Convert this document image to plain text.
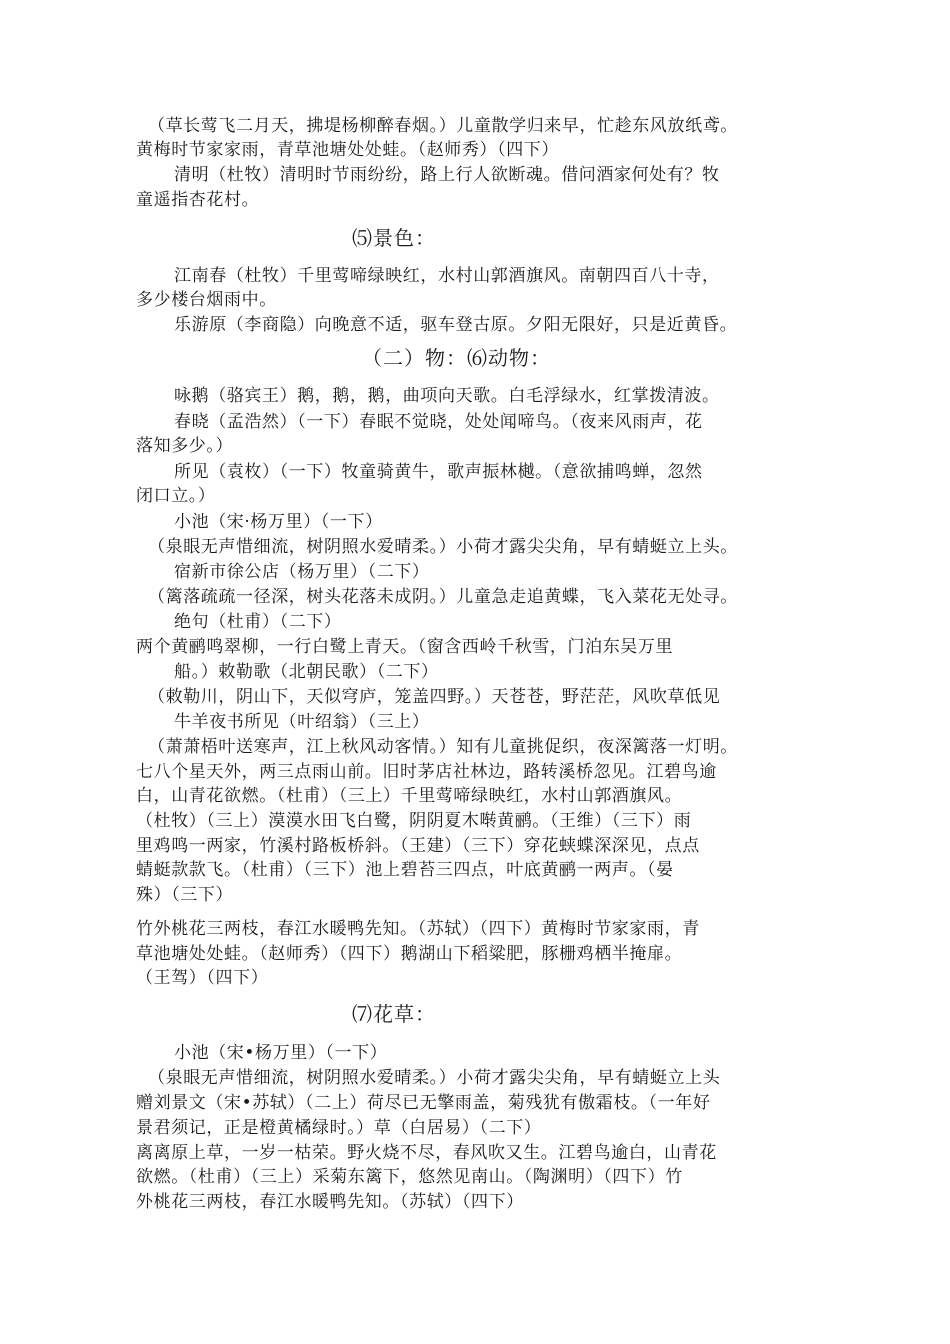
（草长莺飞二月天，拂堤杨柳醉春烟。）儿童散学归来早，忙趁东风放纸鸢。
黄梅时节家家雨，青草池塘处处蛙。（赵师秀）（四下）
清明（杜牧）清明时节雨纷纷，路上行人欲断魂。借问酒家何处有？牧
童遥指杏花村。
⑸景色：
江南春（杜牧）千里莺啼绿映红，水村山郭酒旗风。南朝四百八十寺，
多少楼台烟雨中。
乐游原（李商隐）向晚意不适，驱车登古原。夕阳无限好，只是近黄昏。
（二）物：⑹动物：
咏鹅（骆宾王）鹅，鹅，鹅，曲项向天歌。白毛浮绿水，红掌拨清波。
春晓（孟浩然）（一下）春眠不觉晓，处处闻啼鸟。（夜来风雨声，花
落知多少。）
所见（袁枚）（一下）牧童骑黄牛，歌声振林樾。（意欲捕鸣蝉，忽然
闭口立。）
小池（宋·杨万里）（一下）
（泉眼无声惜细流，树阴照水爱晴柔。）小荷才露尖尖角，早有蜻蜓立上头。
宿新市徐公店（杨万里）（二下）
（篱落疏疏一径深，树头花落未成阴。）儿童急走追黄蝶，飞入菜花无处寻。
绝句（杜甫）（二下）
两个黄鹂鸣翠柳，一行白鹭上青天。（窗含西岭千秋雪，门泊东吴万里
船。）敕勒歌（北朝民歌）（二下）
（敕勒川，阴山下，天似穹庐，笼盖四野。）天苍苍，野茫茫，风吹草低见
牛羊夜书所见（叶绍翁）（三上）
（萧萧梧叶送寒声，江上秋风动客情。）知有儿童挑促织，夜深篱落一灯明。
七八个星天外，两三点雨山前。旧时茅店社林边，路转溪桥忽见。江碧鸟逾
白，山青花欲燃。（杜甫）（三上）千里莺啼绿映红，水村山郭酒旗风。
（杜牧）（三上）漠漠水田飞白鹭，阴阴夏木啭黄鹂。（王维）（三下）雨
里鸡鸣一两家，竹溪村路板桥斜。（王建）（三下）穿花蛱蝶深深见，点点
蜻蜓款款飞。（杜甫）（三下）池上碧苔三四点，叶底黄鹂一两声。（晏
殊）（三下）
竹外桃花三两枝，春江水暖鸭先知。（苏轼）（四下）黄梅时节家家雨，青
草池塘处处蛙。（赵师秀）（四下）鹅湖山下稻粱肥，豚栅鸡栖半掩扉。
（王驾）（四下）
⑺花草：
小池（宋•杨万里）（一下）
（泉眼无声惜细流，树阴照水爱晴柔。）小荷才露尖尖角，早有蜻蜓立上头
赠刘景文（宋•苏轼）（二上）荷尽已无擎雨盖，菊残犹有傲霜枝。（一年好
景君须记，正是橙黄橘绿时。）草（白居易）（二下）
离离原上草，一岁一枯荣。野火烧不尽，春风吹又生。江碧鸟逾白，山青花
欲燃。（杜甫）（三上）采菊东篱下，悠然见南山。（陶渊明）（四下）竹
外桃花三两枝，春江水暖鸭先知。（苏轼）（四下）
